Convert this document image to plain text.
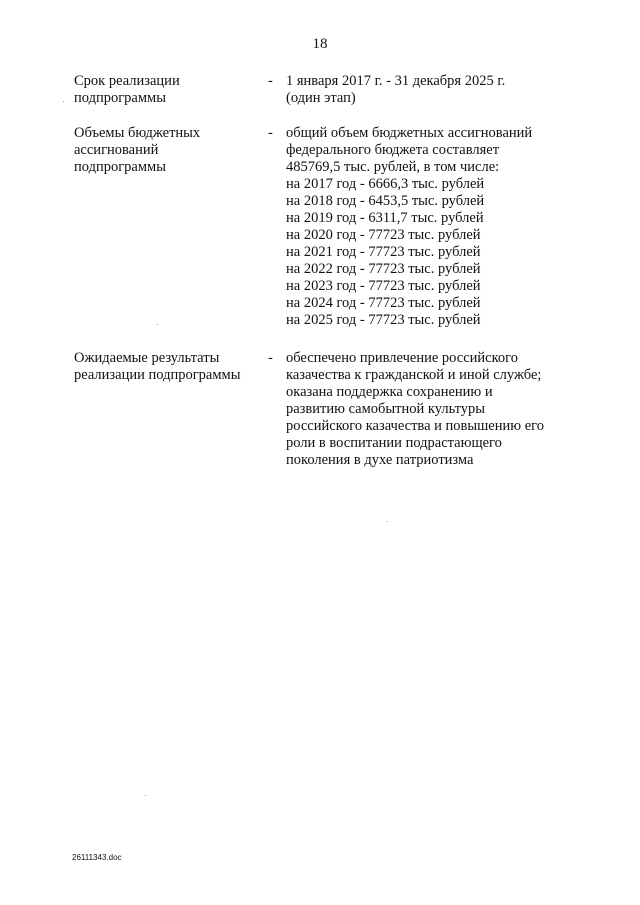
18
Срок реализации
подпрограммы
- 1 января 2017 г. - 31 декабря 2025 г.
(один этап)
Объемы бюджетных
ассигнований
подпрограммы
- общий объем бюджетных ассигнований
федерального бюджета составляет
485769,5 тыс. рублей, в том числе:
на 2017 год - 6666,3 тыс. рублей
на 2018 год - 6453,5 тыс. рублей
на 2019 год - 6311,7 тыс. рублей
на 2020 год - 77723 тыс. рублей
на 2021 год - 77723 тыс. рублей
на 2022 год - 77723 тыс. рублей
на 2023 год - 77723 тыс. рублей
на 2024 год - 77723 тыс. рублей
на 2025 год - 77723 тыс. рублей
Ожидаемые результаты
реализации подпрограммы
- обеспечено привлечение российского
казачества к гражданской и иной службе;
оказана поддержка сохранению и
развитию самобытной культуры
российского казачества и повышению его
роли в воспитании подрастающего
поколения в духе патриотизма
26111343.doc
